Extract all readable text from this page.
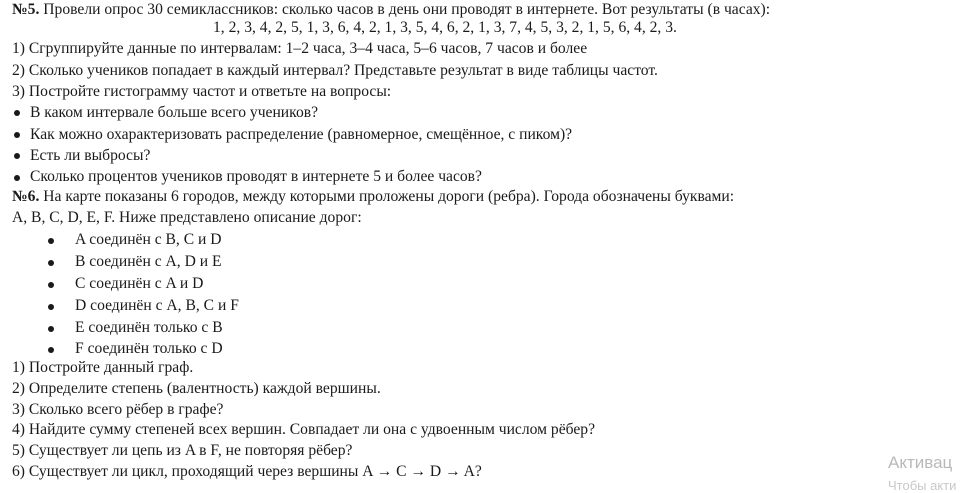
№5. Провели опрос 30 семиклассников: сколько часов в день они проводят в интернете. Вот результаты (в часах):
1, 2, 3, 4, 2, 5, 1, 3, 6, 4, 2, 1, 3, 5, 4, 6, 2, 1, 3, 7, 4, 5, 3, 2, 1, 5, 6, 4, 2, 3.
1) Сгруппируйте данные по интервалам: 1–2 часа, 3–4 часа, 5–6 часов, 7 часов и более
2) Сколько учеников попадает в каждый интервал? Представьте результат в виде таблицы частот.
3) Постройте гистограмму частот и ответьте на вопросы:
В каком интервале больше всего учеников?
Как можно охарактеризовать распределение (равномерное, смещённое, с пиком)?
Есть ли выбросы?
Сколько процентов учеников проводят в интернете 5 и более часов?
№6. На карте показаны 6 городов, между которыми проложены дороги (ребра). Города обозначены буквами:
A, B, C, D, E, F. Ниже представлено описание дорог:
A соединён с B, C и D
B соединён с A, D и E
C соединён с A и D
D соединён с A, B, C и F
E соединён только с B
F соединён только с D
1) Постройте данный граф.
2) Определите степень (валентность) каждой вершины.
3) Сколько всего рёбер в графе?
4) Найдите сумму степеней всех вершин. Совпадает ли она с удвоенным числом рёбер?
5) Существует ли цепь из A в F, не повторяя рёбер?
6) Существует ли цикл, проходящий через вершины A → C → D → A?	Активац
Чтобы акти
